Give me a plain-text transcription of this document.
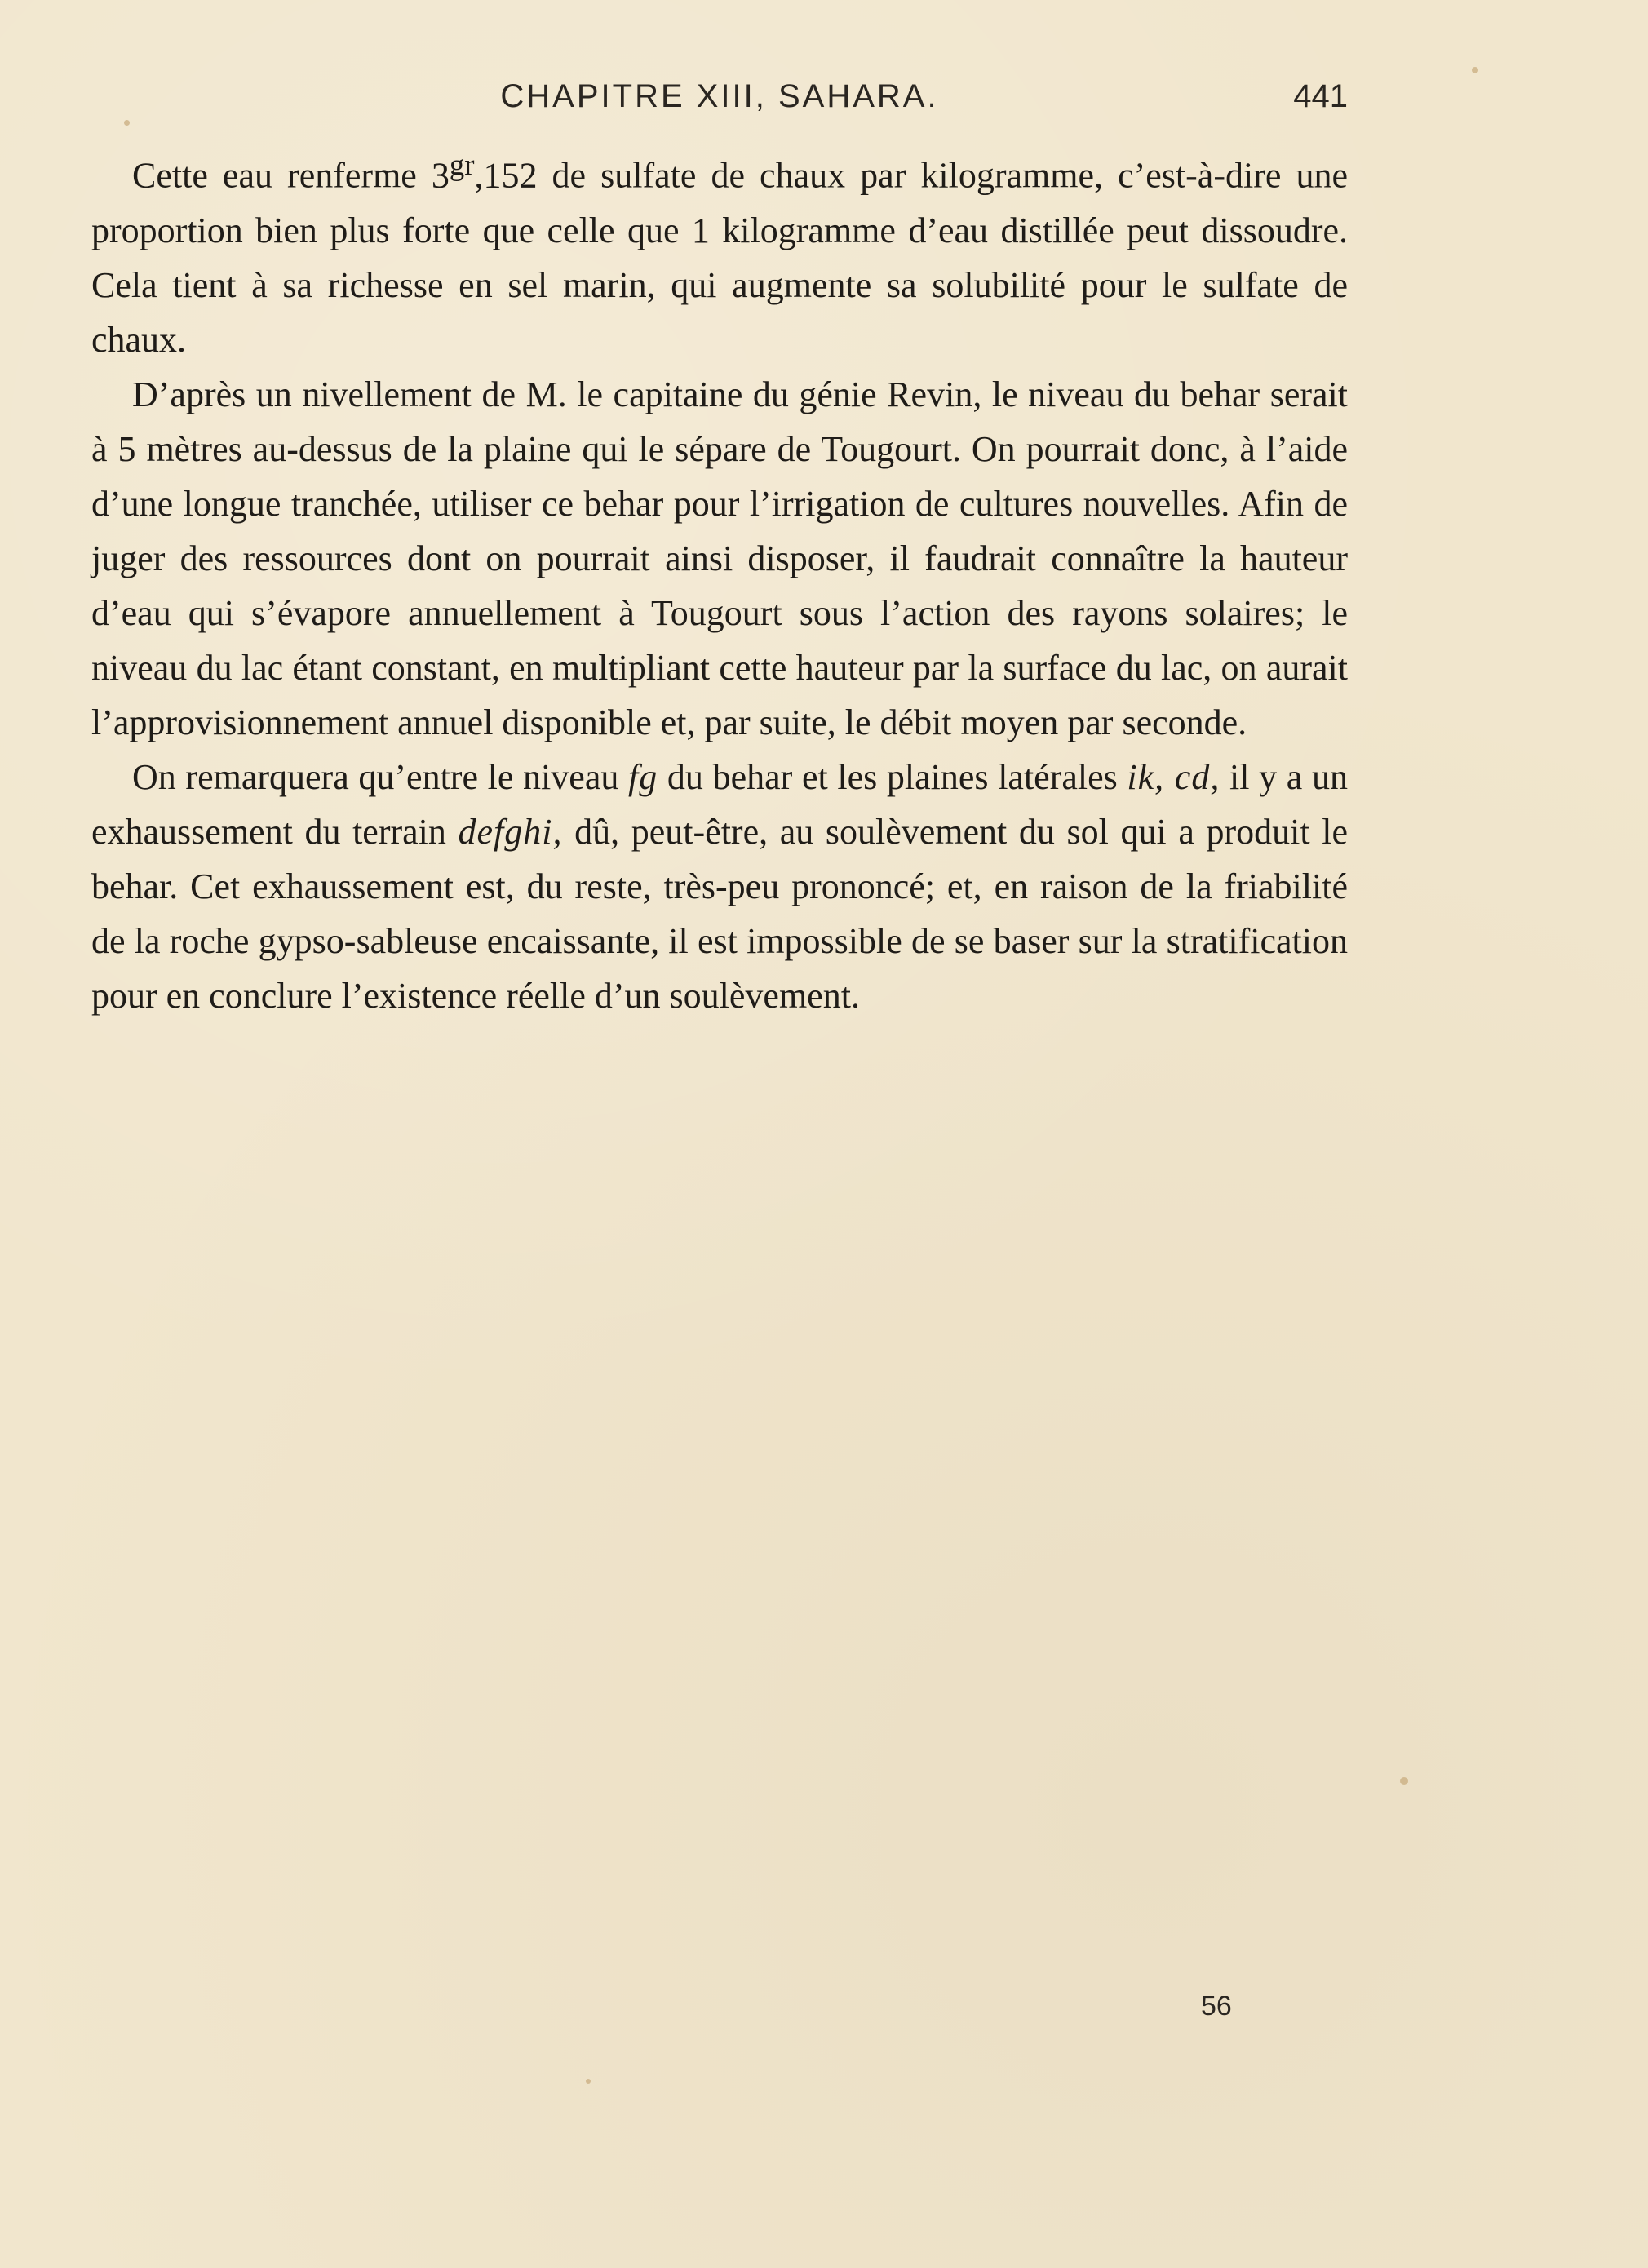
CHAPITRE XIII, SAHARA.	441

Cette eau renferme $3^{gr},152$ de sulfate de chaux par kilogramme, c’est-à-dire une proportion bien plus forte que celle que 1 kilogramme d’eau distillée peut dissoudre. Cela tient à sa richesse en sel marin, qui augmente sa solubilité pour le sulfate de chaux.

D’après un nivellement de M. le capitaine du génie Revin, le niveau du behar serait à 5 mètres au-dessus de la plaine qui le sépare de Tougourt. On pourrait donc, à l’aide d’une longue tranchée, utiliser ce behar pour l’irrigation de cultures nouvelles. Afin de juger des ressources dont on pourrait ainsi disposer, il faudrait connaître la hauteur d’eau qui s’évapore annuellement à Tougourt sous l’action des rayons solaires; le niveau du lac étant constant, en multipliant cette hauteur par la surface du lac, on aurait l’approvisionnement annuel disponible et, par suite, le débit moyen par seconde.

On remarquera qu’entre le niveau fg du behar et les plaines latérales ik, cd, il y a un exhaussement du terrain defghi, dû, peut-être, au soulèvement du sol qui a produit le behar. Cet exhaussement est, du reste, très-peu prononcé; et, en raison de la friabilité de la roche gypso-sableuse encaissante, il est impossible de se baser sur la stratification pour en conclure l’existence réelle d’un soulèvement.

56
